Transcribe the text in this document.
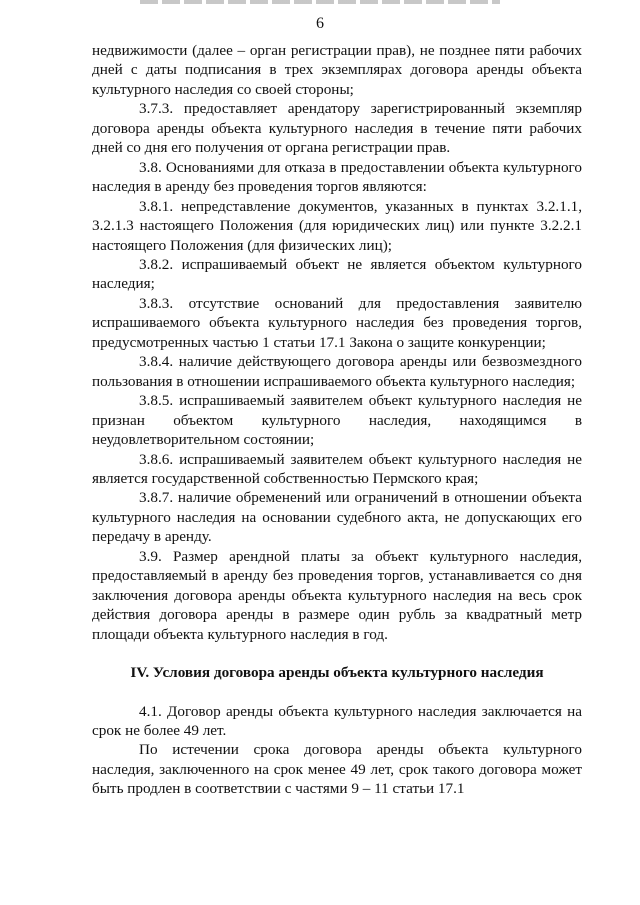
6

недвижимости (далее – орган регистрации прав), не позднее пяти рабочих дней с даты подписания в трех экземплярах договора аренды объекта культурного наследия со своей стороны;

3.7.3. предоставляет арендатору зарегистрированный экземпляр договора аренды объекта культурного наследия в течение пяти рабочих дней со дня его получения от органа регистрации прав.

3.8. Основаниями для отказа в предоставлении объекта культурного наследия в аренду без проведения торгов являются:

3.8.1. непредставление документов, указанных в пунктах 3.2.1.1, 3.2.1.3 настоящего Положения (для юридических лиц) или пункте 3.2.2.1 настоящего Положения (для физических лиц);

3.8.2. испрашиваемый объект не является объектом культурного наследия;

3.8.3. отсутствие оснований для предоставления заявителю испрашиваемого объекта культурного наследия без проведения торгов, предусмотренных частью 1 статьи 17.1 Закона о защите конкуренции;

3.8.4. наличие действующего договора аренды или безвозмездного пользования в отношении испрашиваемого объекта культурного наследия;

3.8.5. испрашиваемый заявителем объект культурного наследия не признан объектом культурного наследия, находящимся в неудовлетворительном состоянии;

3.8.6. испрашиваемый заявителем объект культурного наследия не является государственной собственностью Пермского края;

3.8.7. наличие обременений или ограничений в отношении объекта культурного наследия на основании судебного акта, не допускающих его передачу в аренду.

3.9. Размер арендной платы за объект культурного наследия, предоставляемый в аренду без проведения торгов, устанавливается со дня заключения договора аренды объекта культурного наследия на весь срок действия договора аренды в размере один рубль за квадратный метр площади объекта культурного наследия в год.

IV. Условия договора аренды объекта культурного наследия

4.1. Договор аренды объекта культурного наследия заключается на срок не более 49 лет.

По истечении срока договора аренды объекта культурного наследия, заключенного на срок менее 49 лет, срок такого договора может быть продлен в соответствии с частями 9 – 11 статьи 17.1
